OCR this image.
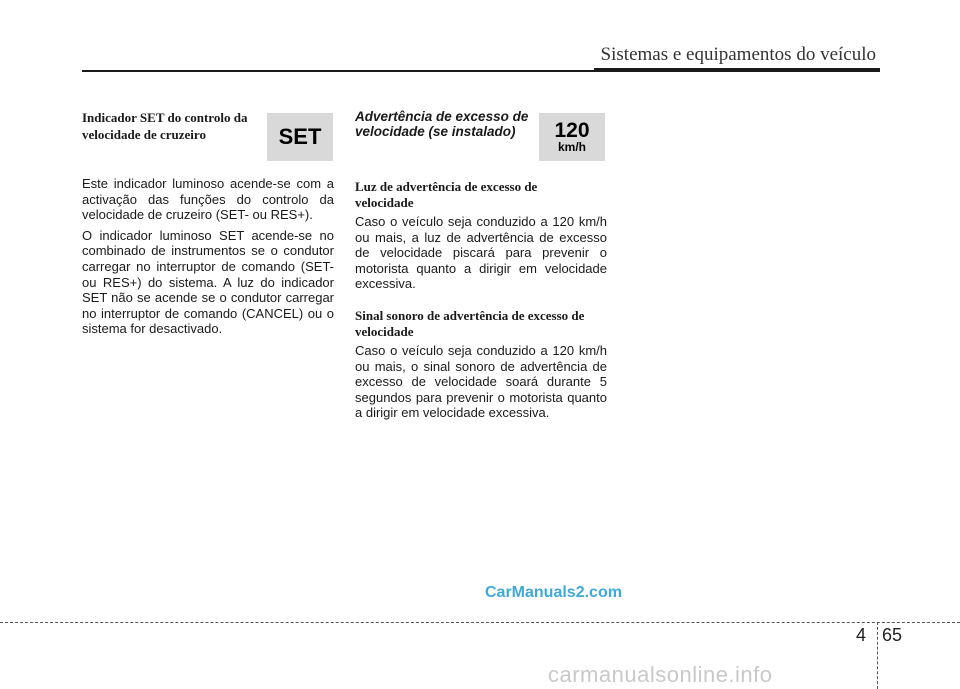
Sistemas e equipamentos do veículo

Indicador SET do controlo da
velocidade de cruzeiro

Este indicador luminoso acende-se com a activação das funções do controlo da velocidade de cruzeiro (SET- ou RES+).

O indicador luminoso SET acende-se no combinado de instrumentos se o condutor carregar no interruptor de comando (SET- ou RES+) do sistema. A luz do indicador SET não se acende se o condutor carregar no interruptor de comando (CANCEL) ou o sistema for desactivado.

SET

Advertência de excesso de
velocidade (se instalado)

Luz de advertência de excesso de
velocidade

Caso o veículo seja conduzido a 120 km/h ou mais, a luz de advertência de excesso de velocidade piscará para prevenir o motorista quanto a dirigir em velocidade excessiva.

Sinal sonoro de advertência de excesso de
velocidade

Caso o veículo seja conduzido a 120 km/h ou mais, o sinal sonoro de advertência de excesso de velocidade soará durante 5 segundos para prevenir o motorista quanto a dirigir em velocidade excessiva.

120
km/h
CarManuals2.com
4 65
carmanualsonline.info
